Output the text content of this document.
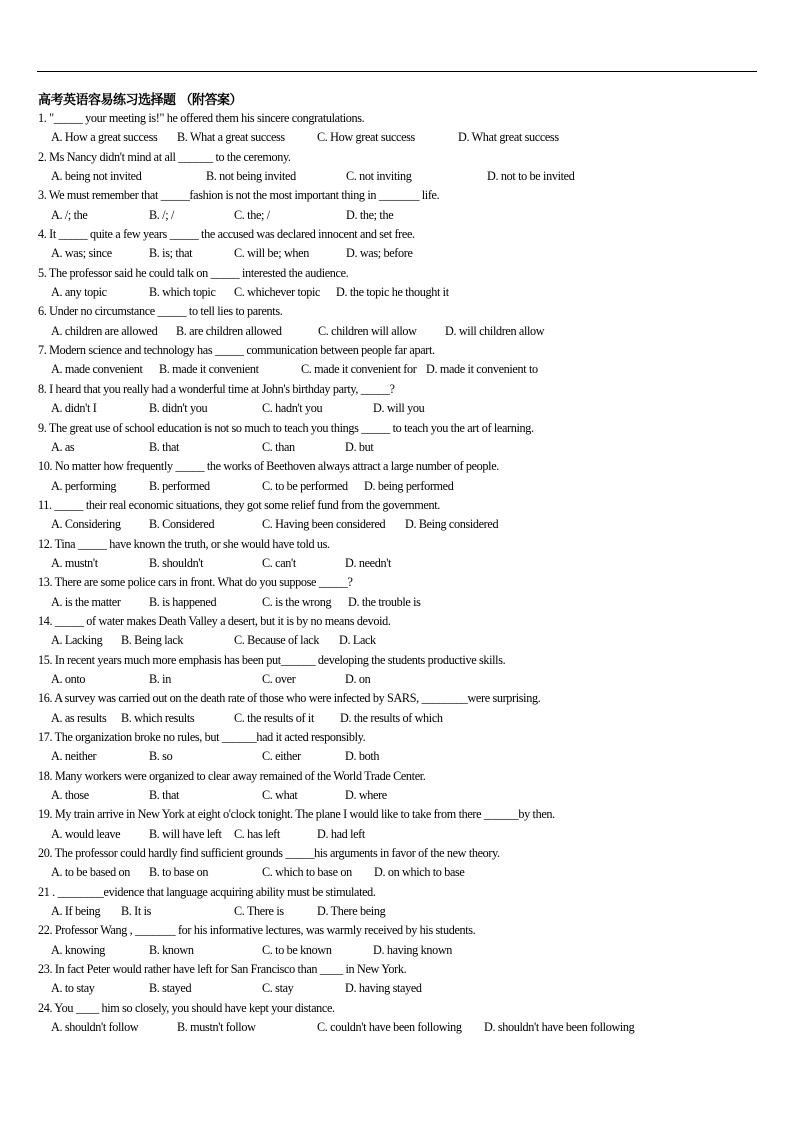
高考英语容易练习选择题 （附答案）
1. "_____ your meeting is!" he offered them his sincere congratulations.
A. How a great success B. What a great success	C. How great success	D. What great success
2. Ms Nancy didn't mind at all ______ to the ceremony.
A. being not invited	B. not being invited	C. not inviting	D. not to be invited
3. We must remember that _____fashion is not the most important thing in _______ life.
A. /; the	B. /; /	C. the; /	D. the; the
4. It _____ quite a few years _____ the accused was declared innocent and set free.
A. was; since	B. is; that	C. will be; when	D. was; before
5. The professor said he could talk on _____ interested the audience.
A. any topic	B. which topic C. whichever topic D. the topic he thought it
6. Under no circumstance _____ to tell lies to parents.
A. children are allowed B. are children allowed	C. children will allow D. will children allow
7. Modern science and technology has _____ communication between people far apart.
A. made convenient B. made it convenient	C. made it convenient for D. made it convenient to
8. I heard that you really had a wonderful time at John's birthday party, _____?
A. didn't I	B. didn't you	C. hadn't you	D. will you
9. The great use of school education is not so much to teach you things _____ to teach you the art of learning.
A. as	B. that	C. than	D. but
10. No matter how frequently _____ the works of Beethoven always attract a large number of people.
A. performing	B. performed	C. to be performed D. being performed
11. _____ their real economic situations, they got some relief fund from the government.
A. Considering B. Considered	C. Having been considered D. Being considered
12. Tina _____ have known the truth, or she would have told us.
A. mustn't	B. shouldn't	C. can't	D. needn't
13. There are some police cars in front. What do you suppose _____?
A. is the matter B. is happened	C. is the wrong D. the trouble is
14. _____ of water makes Death Valley a desert, but it is by no means devoid.
A. Lacking B. Being lack	C. Because of lack D. Lack
15. In recent years much more emphasis has been put______ developing the students productive skills.
A. onto	B. in	C. over	D. on
16. A survey was carried out on the death rate of those who were infected by SARS, ________were surprising.
A. as results B. which results	C. the results of it D. the results of which
17. The organization broke no rules, but ______had it acted responsibly.
A. neither	B. so	C. either	D. both
18. Many workers were organized to clear away remained of the World Trade Center.
A. those	B. that	C. what	D. where
19. My train arrive in New York at eight o'clock tonight. The plane I would like to take from there ______by then.
A. would leave B. will have left C. has left	D. had left
20. The professor could hardly find sufficient grounds _____his arguments in favor of the new theory.
A. to be based on B. to base on	C. which to base on D. on which to base
21 . ________evidence that language acquiring ability must be stimulated.
A. If being B. It is	C. There is	D. There being
22. Professor Wang , _______ for his informative lectures, was warmly received by his students.
A. knowing	B. known	C. to be known	D. having known
23. In fact Peter would rather have left for San Francisco than ____ in New York.
A. to stay	B. stayed	C. stay	D. having stayed
24. You ____ him so closely, you should have kept your distance.
A. shouldn't follow	B. mustn't follow	C. couldn't have been following D. shouldn't have been following
